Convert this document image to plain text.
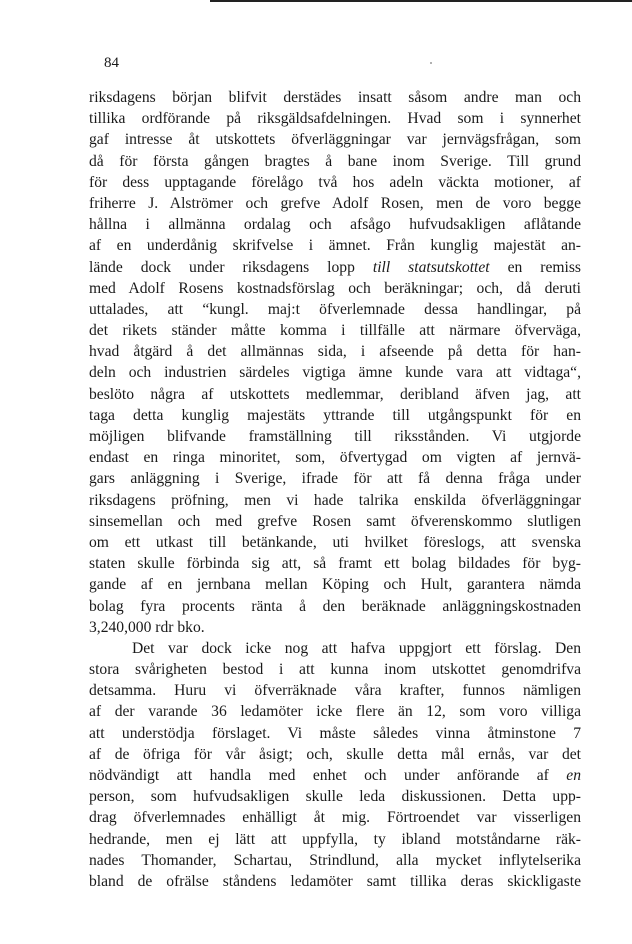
84
riksdagens början blifvit derstädes insatt såsom andre man och
tillika ordförande på riksgäldsafdelningen. Hvad som i synnerhet
gaf intresse åt utskottets öfverläggningar var jernvägsfrågan, som
då för första gången bragtes å bane inom Sverige. Till grund
för dess upptagande förelågo två hos adeln väckta motioner, af
friherre J. Alströmer och grefve Adolf Rosen, men de voro begge
hållna i allmänna ordalag och afsågo hufvudsakligen aflåtande
af en underdånig skrifvelse i ämnet. Från kunglig majestät an-
lände dock under riksdagens lopp till statsutskottet en remiss
med Adolf Rosens kostnadsförslag och beräkningar; och, då deruti
uttalades, att “kungl. maj:t öfverlemnade dessa handlingar, på
det rikets ständer måtte komma i tillfälle att närmare öfverväga,
hvad åtgärd å det allmännas sida, i afseende på detta för han-
deln och industrien särdeles vigtiga ämne kunde vara att vidtaga“,
beslöto några af utskottets medlemmar, deribland äfven jag, att
taga detta kunglig majestäts yttrande till utgångspunkt för en
möjligen blifvande framställning till riksstånden. Vi utgjorde
endast en ringa minoritet, som, öfvertygad om vigten af jernvä-
gars anläggning i Sverige, ifrade för att få denna fråga under
riksdagens pröfning, men vi hade talrika enskilda öfverläggningar
sinsemellan och med grefve Rosen samt öfverenskommo slutligen
om ett utkast till betänkande, uti hvilket föreslogs, att svenska
staten skulle förbinda sig att, så framt ett bolag bildades för byg-
gande af en jernbana mellan Köping och Hult, garantera nämda
bolag fyra procents ränta å den beräknade anläggningskostnaden
3,240,000 rdr bko.
Det var dock icke nog att hafva uppgjort ett förslag. Den
stora svårigheten bestod i att kunna inom utskottet genomdrifva
detsamma. Huru vi öfverräknade våra krafter, funnos nämligen
af der varande 36 ledamöter icke flere än 12, som voro villiga
att understödja förslaget. Vi måste således vinna åtminstone 7
af de öfriga för vår åsigt; och, skulle detta mål ernås, var det
nödvändigt att handla med enhet och under anförande af en
person, som hufvudsakligen skulle leda diskussionen. Detta upp-
drag öfverlemnades enhälligt åt mig. Förtroendet var visserligen
hedrande, men ej lätt att uppfylla, ty ibland motståndarne räk-
nades Thomander, Schartau, Strindlund, alla mycket inflytelserika
bland de ofrälse ståndens ledamöter samt tillika deras skickligaste
